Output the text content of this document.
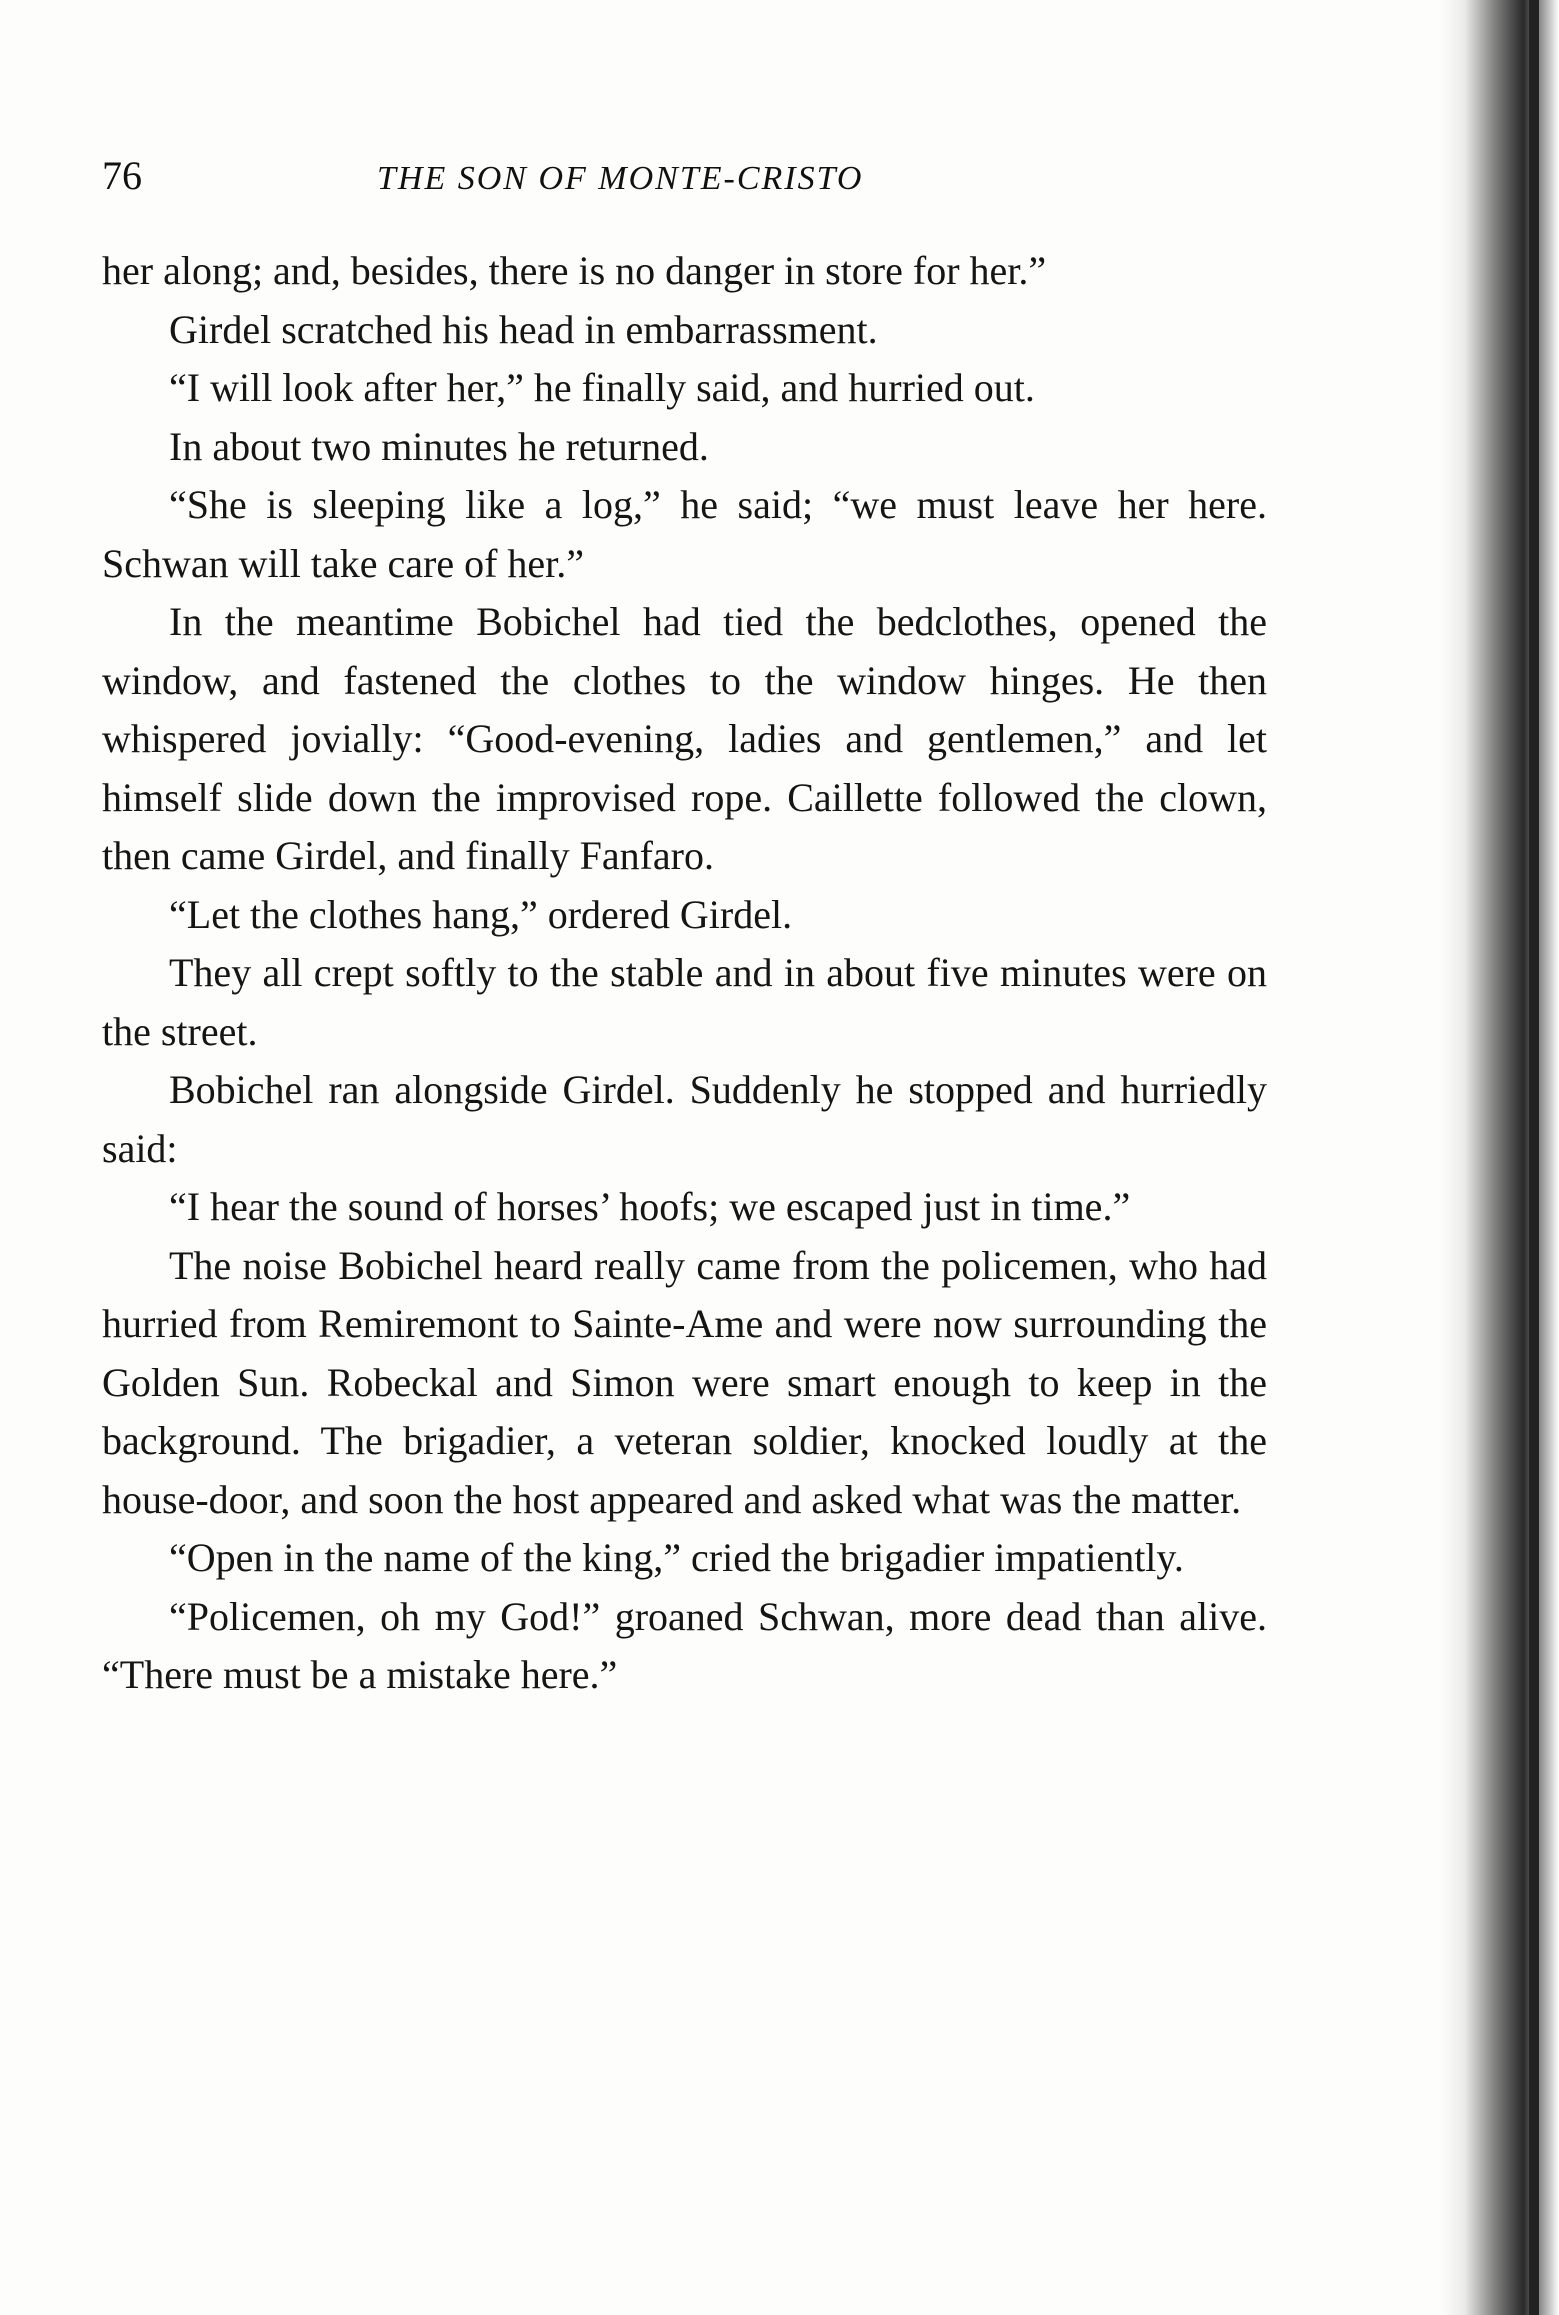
76	THE SON OF MONTE-CRISTO

her along; and, besides, there is no danger in store for her.”

Girdel scratched his head in embarrassment.

“I will look after her,” he finally said, and hurried out.

In about two minutes he returned.

“She is sleeping like a log,” he said; “we must leave her here. Schwan will take care of her.”

In the meantime Bobichel had tied the bedclothes, opened the window, and fastened the clothes to the window hinges. He then whispered jovially: “Good-evening, ladies and gentlemen,” and let himself slide down the improvised rope. Caillette followed the clown, then came Girdel, and finally Fanfaro.

“Let the clothes hang,” ordered Girdel.

They all crept softly to the stable and in about five minutes were on the street.

Bobichel ran alongside Girdel. Suddenly he stopped and hurriedly said:

“I hear the sound of horses’ hoofs; we escaped just in time.”

The noise Bobichel heard really came from the policemen, who had hurried from Remiremont to Sainte-Ame and were now surrounding the Golden Sun. Robeckal and Simon were smart enough to keep in the background. The brigadier, a veteran soldier, knocked loudly at the house-door, and soon the host appeared and asked what was the matter.

“Open in the name of the king,” cried the brigadier impatiently.

“Policemen, oh my God!” groaned Schwan, more dead than alive. “There must be a mistake here.”
